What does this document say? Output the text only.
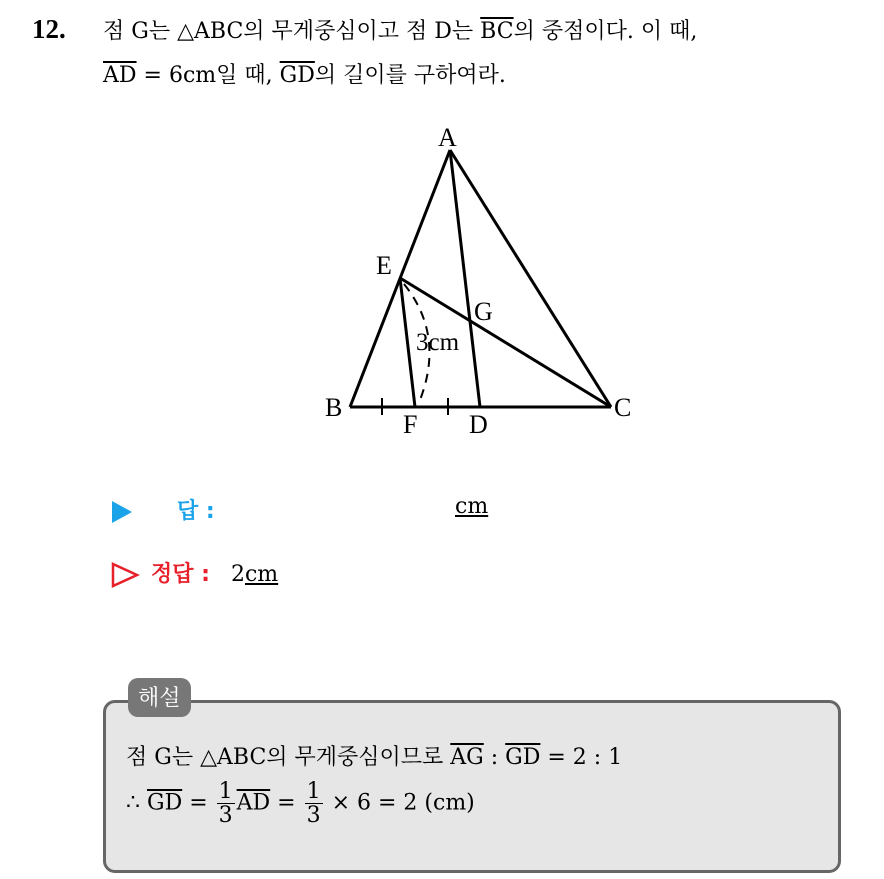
12. 점 G는 △ABC의 무게중심이고 점 D는 $\overline{BC}$의 중점이다. 이 때,
$\overline{AD} = 6cm$일 때, $\overline{GD}$의 길이를 구하여라.
A
B	C
D
E
F
G
3cm
답 :	cm
정답 : 2cm
해설
점 G는 △ABC의 무게중심이므로 $\overline{AG}$ : $\overline{GD} = 2$ : 1
∴ $\overline{GD} = \frac{1}{3} \overline{AD} = \frac{1}{3} \times 6 = 2$ (cm)
